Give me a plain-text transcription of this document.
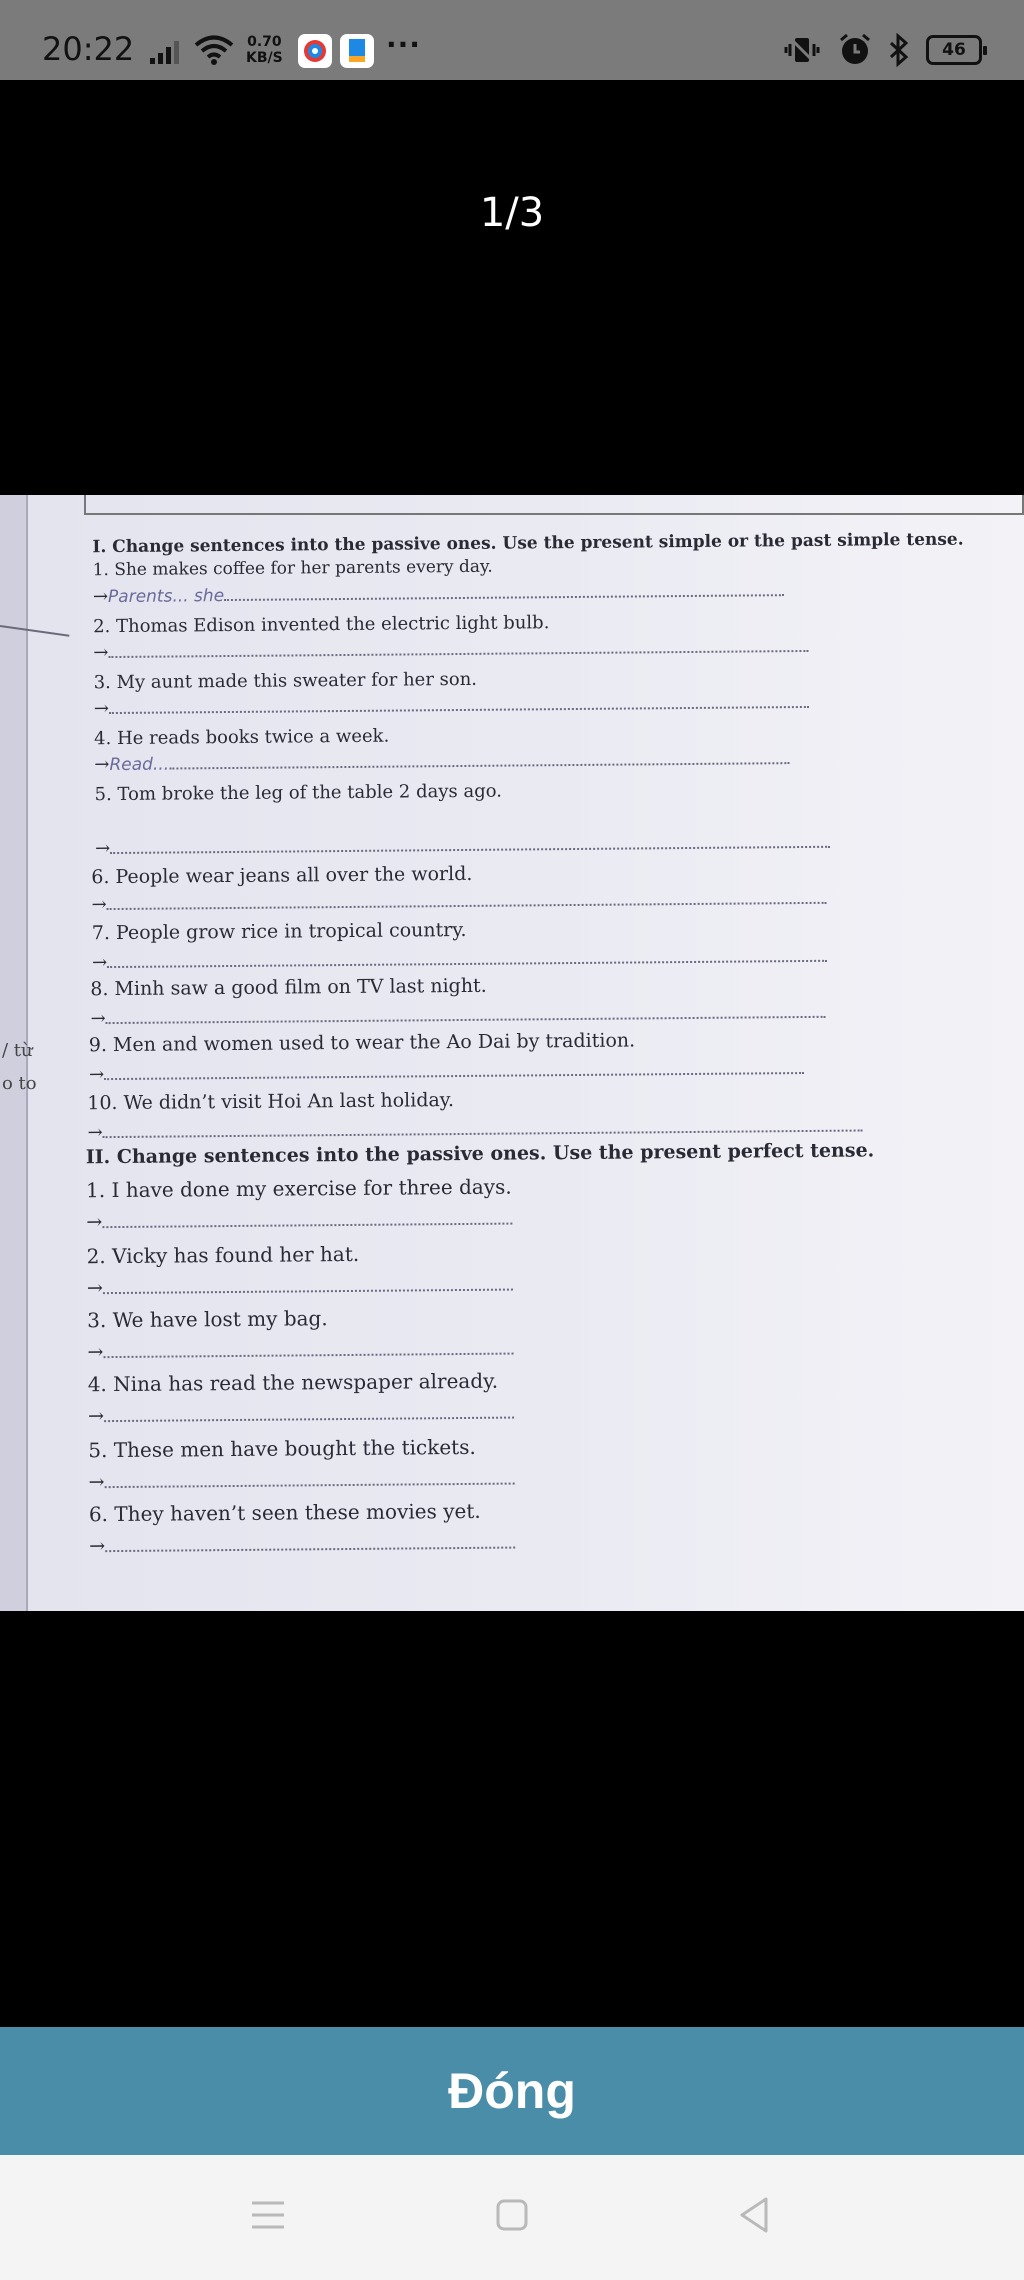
20:22	0.70
KB/S	···	46
1/3
/ từ
o to
I. Change sentences into the passive ones. Use the present simple or the past simple tense.
1. She makes coffee for her parents every day.
→Parents... she
2. Thomas Edison invented the electric light bulb.
→
3. My aunt made this sweater for her son.
→
4. He reads books twice a week.
→Read...
5. Tom broke the leg of the table 2 days ago.
→
6. People wear jeans all over the world.
→
7. People grow rice in tropical country.
→
8. Minh saw a good film on TV last night.
→
9. Men and women used to wear the Ao Dai by tradition.
→
10. We didn’t visit Hoi An last holiday.
→
II. Change sentences into the passive ones. Use the present perfect tense.
1. I have done my exercise for three days.
→
2. Vicky has found her hat.
→
3. We have lost my bag.
→
4. Nina has read the newspaper already.
→
5. These men have bought the tickets.
→
6. They haven’t seen these movies yet.
→
Đóng
